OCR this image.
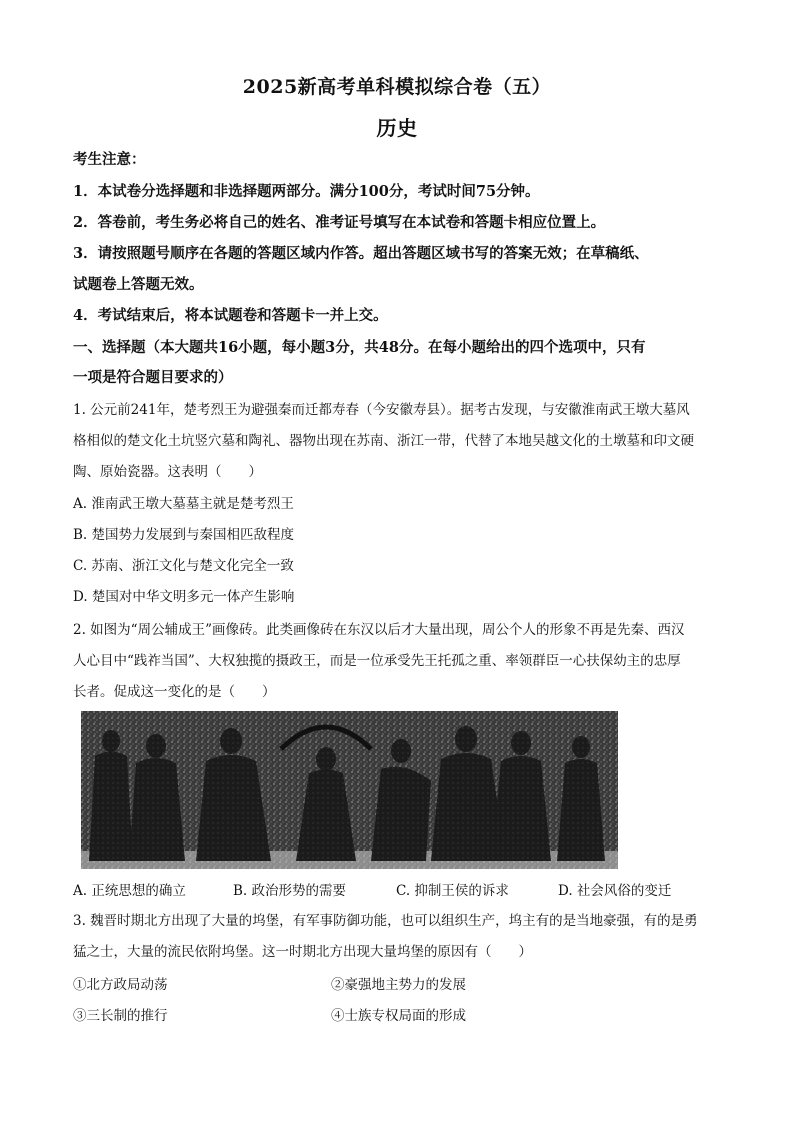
2025新高考单科模拟综合卷（五）
历史
考生注意：
1．本试卷分选择题和非选择题两部分。满分100分，考试时间75分钟。
2．答卷前，考生务必将自己的姓名、准考证号填写在本试卷和答题卡相应位置上。
3．请按照题号顺序在各题的答题区域内作答。超出答题区域书写的答案无效；在草稿纸、
试题卷上答题无效。
4．考试结束后，将本试题卷和答题卡一并上交。
一、选择题（本大题共16小题，每小题3分，共48分。在每小题给出的四个选项中，只有
一项是符合题目要求的）
1. 公元前241年，楚考烈王为避强秦而迁都寿春（今安徽寿县）。据考古发现，与安徽淮南武王墩大墓风
格相似的楚文化土坑竖穴墓和陶礼、器物出现在苏南、浙江一带，代替了本地吴越文化的土墩墓和印文硬
陶、原始瓷器。这表明（　　）
A. 淮南武王墩大墓墓主就是楚考烈王
B. 楚国势力发展到与秦国相匹敌程度
C. 苏南、浙江文化与楚文化完全一致
D. 楚国对中华文明多元一体产生影响
2. 如图为“周公辅成王”画像砖。此类画像砖在东汉以后才大量出现，周公个人的形象不再是先秦、西汉
人心目中“践祚当国”、大权独揽的摄政王，而是一位承受先王托孤之重、率领群臣一心扶保幼主的忠厚
长者。促成这一变化的是（　　）
A. 正统思想的确立	B. 政治形势的需要	C. 抑制王侯的诉求	D. 社会风俗的变迁
3. 魏晋时期北方出现了大量的坞堡，有军事防御功能，也可以组织生产，坞主有的是当地豪强，有的是勇
猛之士，大量的流民依附坞堡。这一时期北方出现大量坞堡的原因有（　　）
①北方政局动荡	②豪强地主势力的发展
③三长制的推行	④士族专权局面的形成
